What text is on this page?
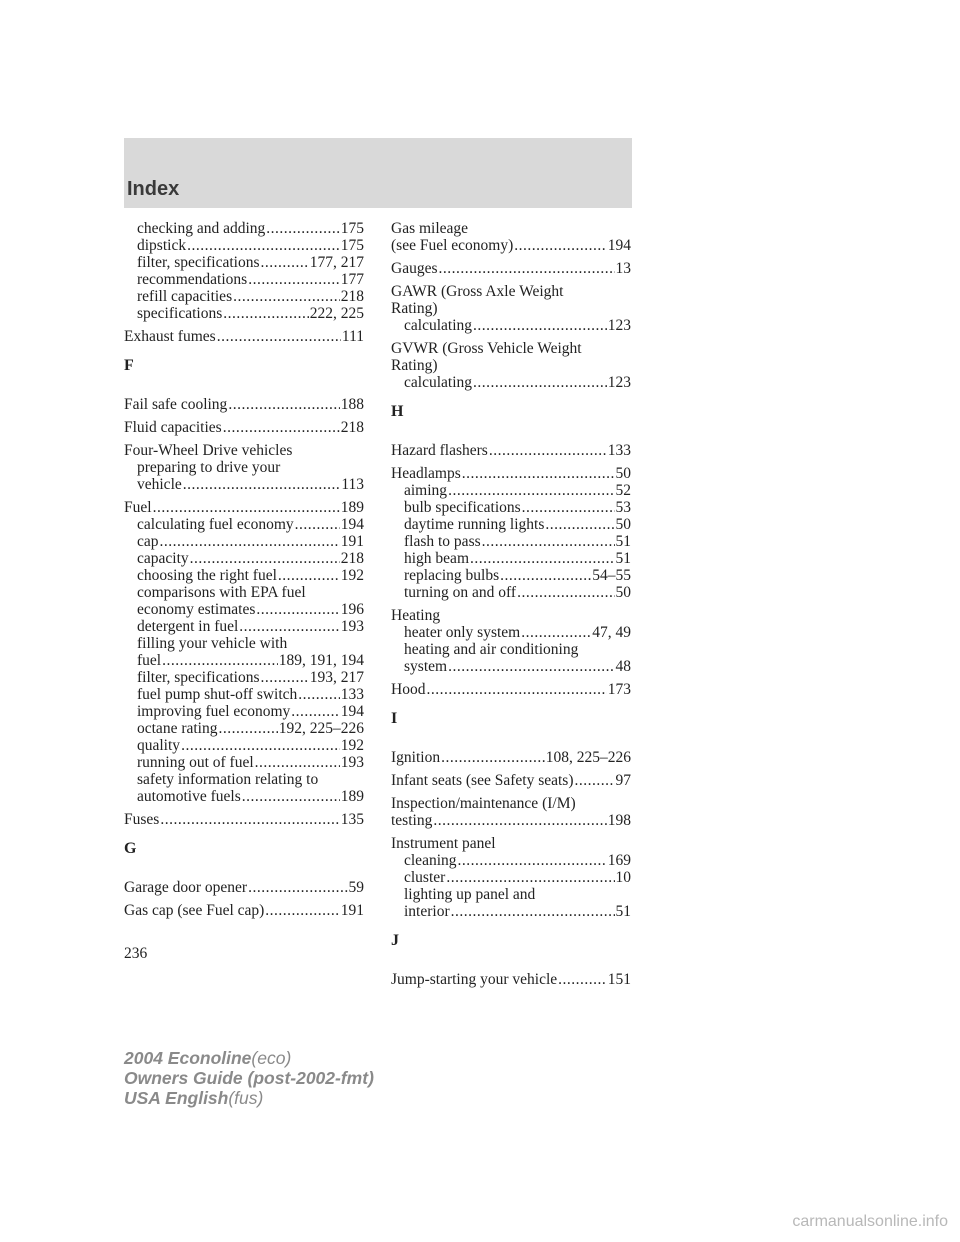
Index
checking and adding .....	175
dipstick .....	175
filter, specifications .....	177, 217
recommendations .....	177
refill capacities .....	218
specifications .....	222, 225
Exhaust fumes .....	111
F
Fail safe cooling .....	188
Fluid capacities .....	218
Four-Wheel Drive vehicles
preparing to drive your
vehicle .....	113
Fuel .....	189
calculating fuel economy .....	194
cap .....	191
capacity .....	218
choosing the right fuel .....	192
comparisons with EPA fuel
economy estimates .....	196
detergent in fuel .....	193
filling your vehicle with
fuel .....	189, 191, 194
filter, specifications .....	193, 217
fuel pump shut-off switch .....	133
improving fuel economy .....	194
octane rating .....	192, 225–226
quality .....	192
running out of fuel .....	193
safety information relating to
automotive fuels .....	189
Fuses .....	135
G
Garage door opener .....	59
Gas cap (see Fuel cap) .....	191
Gas mileage
(see Fuel economy) .....	194
Gauges .....	13
GAWR (Gross Axle Weight
Rating)
calculating .....	123
GVWR (Gross Vehicle Weight
Rating)
calculating .....	123
H
Hazard flashers .....	133
Headlamps .....	50
aiming .....	52
bulb specifications .....	53
daytime running lights .....	50
flash to pass .....	51
high beam .....	51
replacing bulbs .....	54–55
turning on and off .....	50
Heating
heater only system .....	47, 49
heating and air conditioning
system .....	48
Hood .....	173
I
Ignition .....	108, 225–226
Infant seats (see Safety seats) .....	97
Inspection/maintenance (I/M)
testing .....	198
Instrument panel
cleaning .....	169
cluster .....	10
lighting up panel and
interior .....	51
J
Jump-starting your vehicle .....	151
236
2004 Econoline(eco)
Owners Guide (post-2002-fmt)
USA English(fus)
carmanualsonline.info
